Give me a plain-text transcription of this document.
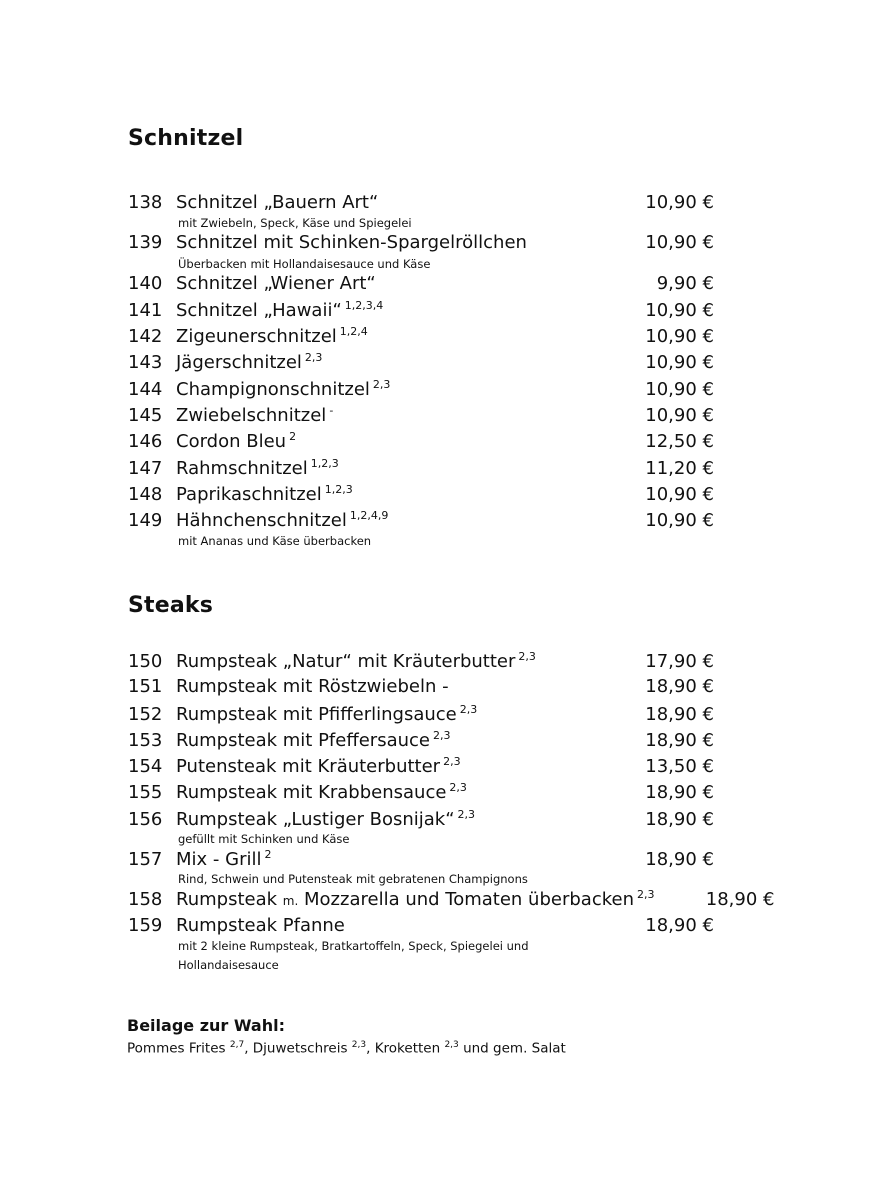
Schnitzel
138 Schnitzel „Bauern Art“	10,90 €
mit Zwiebeln, Speck, Käse und Spiegelei
139 Schnitzel mit Schinken-Spargelröllchen	10,90 €
Überbacken mit Hollandaisesauce und Käse
140 Schnitzel „Wiener Art“	9,90 €
141 Schnitzel „Hawaii“ $^{1,2,3,4}$	10,90 €
142 Zigeunerschnitzel $^{1,2,4}$	10,90 €
143 Jägerschnitzel $^{2,3}$	10,90 €
144 Champignonschnitzel $^{2,3}$	10,90 €
145 Zwiebelschnitzel -	10,90 €
146 Cordon Bleu $^2$	12,50 €
147 Rahmschnitzel $^{1,2,3}$	11,20 €
148 Paprikaschnitzel $^{1,2,3}$	10,90 €
149 Hähnchenschnitzel $^{1,2,4,9}$	10,90 €
mit Ananas und Käse überbacken
Steaks
150 Rumpsteak „Natur“ mit Kräuterbutter $^{2,3}$	17,90 €
151 Rumpsteak mit Röstzwiebeln -	18,90 €
152 Rumpsteak mit Pfifferlingsauce $^{2,3}$	18,90 €
153 Rumpsteak mit Pfeffersauce $^{2,3}$	18,90 €
154 Putensteak mit Kräuterbutter $^{2,3}$	13,50 €
155 Rumpsteak mit Krabbensauce $^{2,3}$	18,90 €
156 Rumpsteak „Lustiger Bosnijak“ $^{2,3}$	18,90 €
gefüllt mit Schinken und Käse
157 Mix - Grill $^2$	18,90 €
Rind, Schwein und Putensteak mit gebratenen Champignons
158 Rumpsteak m. Mozzarella und Tomaten überbacken $^{2,3}$	18,90 €
159 Rumpsteak Pfanne	18,90 €
mit 2 kleine Rumpsteak, Bratkartoffeln, Speck, Spiegelei und
Hollandaisesauce
Beilage zur Wahl:
Pommes Frites $^{2,7}$, Djuwetschreis $^{2,3}$, Kroketten $^{2,3}$ und gem. Salat
